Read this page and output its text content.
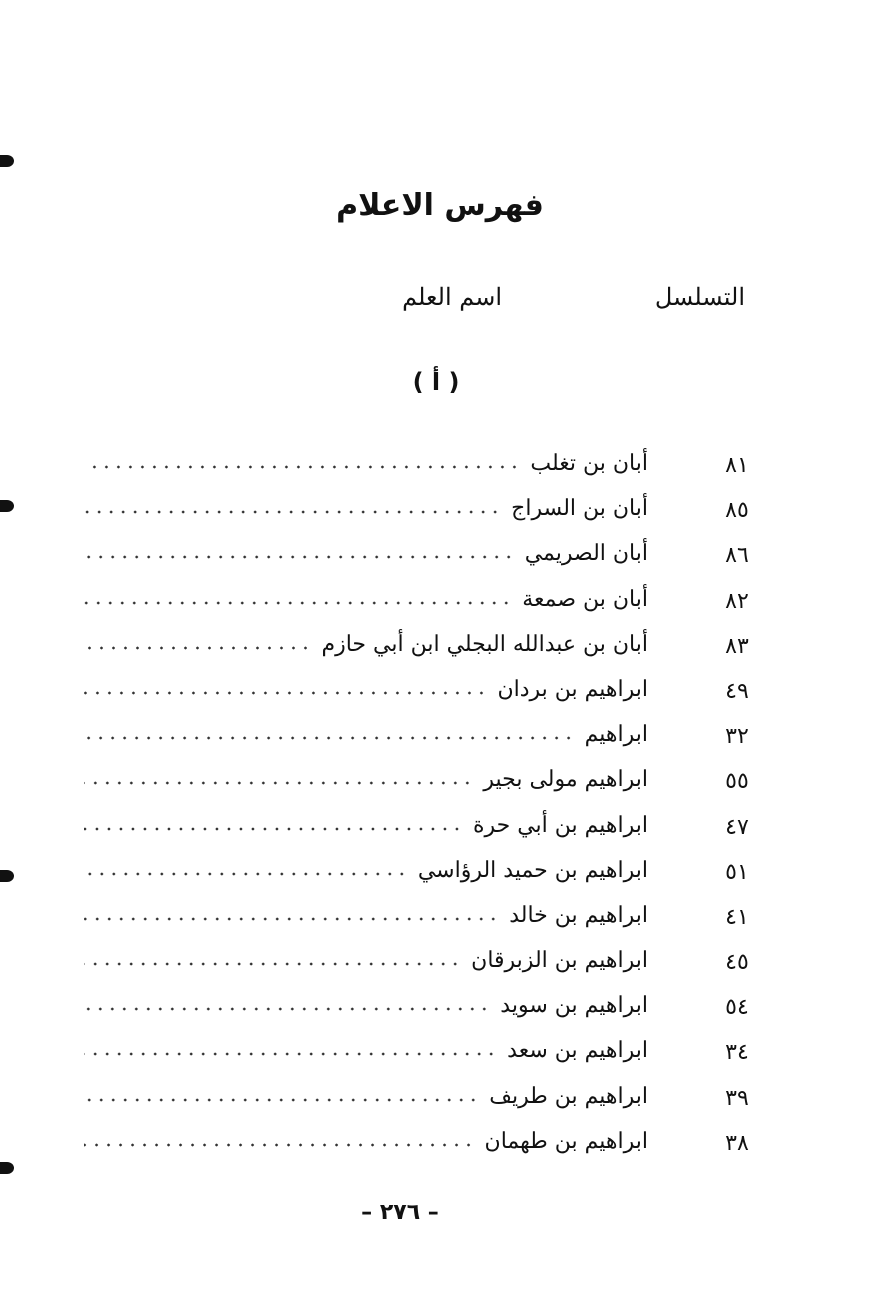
فهرس الاعلام
التسلسل
اسم العلم
( أ )
٨١
أبان بن تغلب
٨٥
أبان بن السراج
٨٦
أبان الصريمي
٨٢
أبان بن صمعة
٨٣
أبان بن عبدالله البجلي ابن أبي حازم
٤٩
ابراهيم بن بردان
٣٢
ابراهيم
٥٥
ابراهيم مولى بجير
٤٧
ابراهيم بن أبي حرة
٥١
ابراهيم بن حميد الرؤاسي
٤١
ابراهيم بن خالد
٤٥
ابراهيم بن الزبرقان
٥٤
ابراهيم بن سويد
٣٤
ابراهيم بن سعد
٣٩
ابراهيم بن طريف
٣٨
ابراهيم بن طهمان
– ٢٧٦ –
